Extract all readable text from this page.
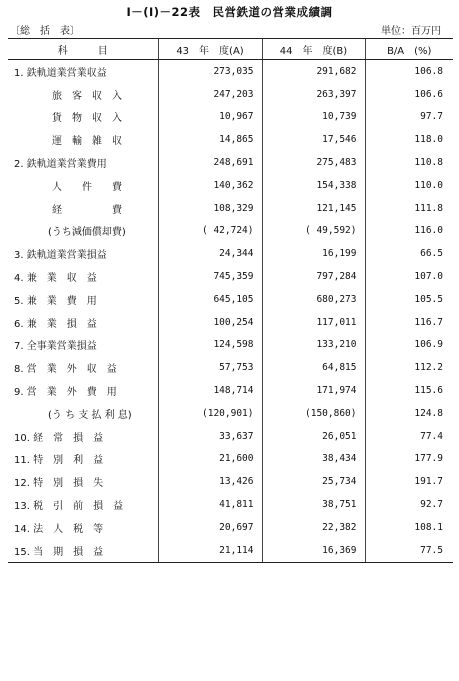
I－(I)－22表　民営鉄道の営業成績調
〔総　括　表〕	単位：百万円
科　　　目	43　年　度(A)	44　年　度(B)	B/A　(%)
1. 鉄軌道業営業収益	273,035	291,682	106.8
旅　客　収　入	247,203	263,397	106.6
貨　物　収　入	10,967	10,739	97.7
運　輸　雑　収	14,865	17,546	118.0
2. 鉄軌道業営業費用	248,691	275,483	110.8
人　　件　　費	140,362	154,338	110.0
経　　　　　費	108,329	121,145	111.8
(うち減価償却費)	( 42,724)	( 49,592)	116.0
3. 鉄軌道業営業損益	24,344	16,199	66.5
4. 兼　業　収　益	745,359	797,284	107.0
5. 兼　業　費　用	645,105	680,273	105.5
6. 兼　業　損　益	100,254	117,011	116.7
7. 全事業営業損益	124,598	133,210	106.9
8. 営　業　外　収　益	57,753	64,815	112.2
9. 営　業　外　費　用	148,714	171,974	115.6
(う ち 支 払 利 息)	(120,901)	(150,860)	124.8
10. 経　常　損　益	33,637	26,051	77.4
11. 特　別　利　益	21,600	38,434	177.9
12. 特　別　損　失	13,426	25,734	191.7
13. 税　引　前　損　益	41,811	38,751	92.7
14. 法　人　税　等	20,697	22,382	108.1
15. 当　期　損　益	21,114	16,369	77.5
